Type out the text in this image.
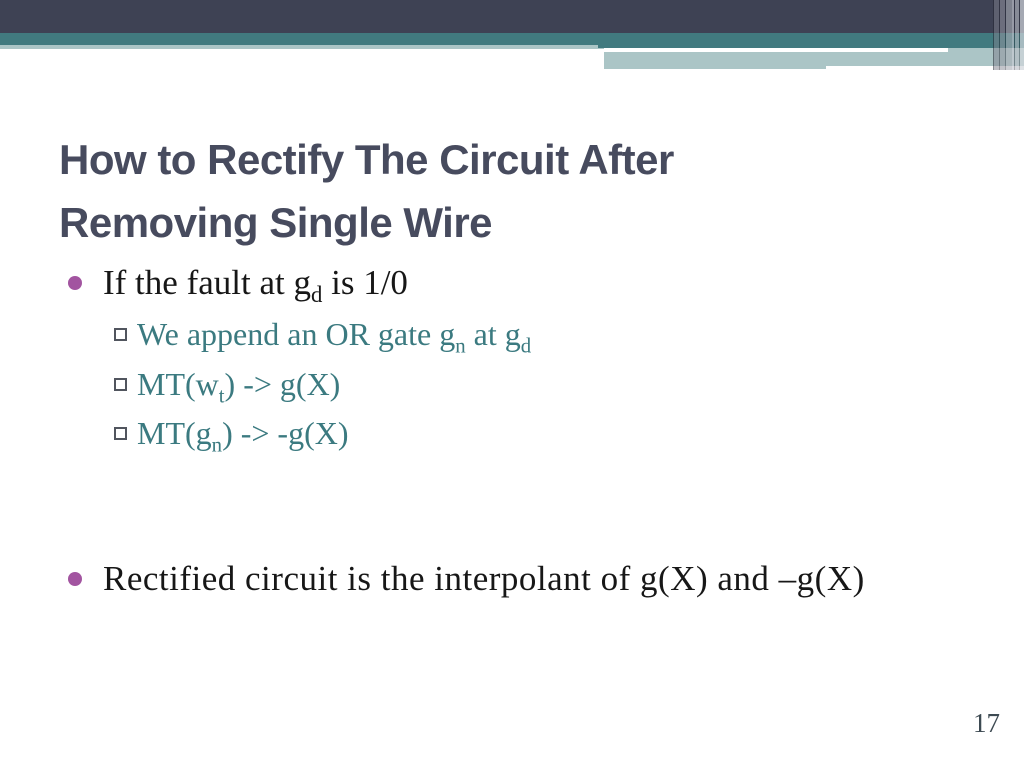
How to Rectify The Circuit After
Removing Single Wire
If the fault at $g_d$ is 1/0
We append an OR gate $g_n$ at $g_d$
$MT(w_t) -> g(X)$
$MT(g_n) -> -g(X)$
Rectified circuit is the interpolant of g(X) and –g(X)
17
